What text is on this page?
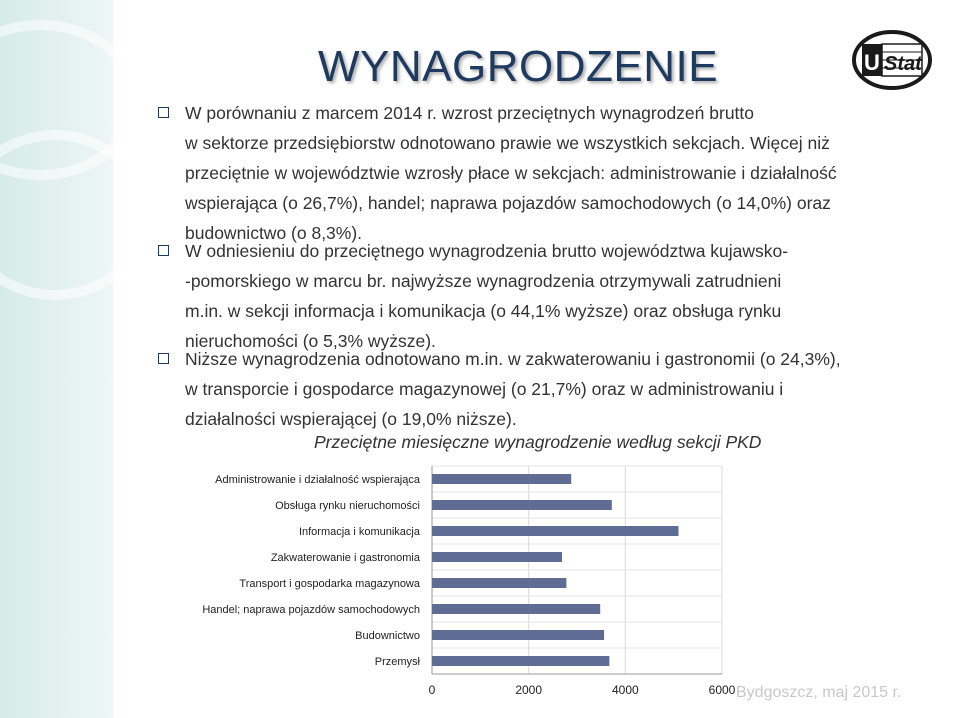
WYNAGRODZENIE	U Stat
W porównaniu z marcem 2014 r. wzrost przeciętnych wynagrodzeń brutto
w sektorze przedsiębiorstw odnotowano prawie we wszystkich sekcjach. Więcej niż
przeciętnie w województwie wzrosły płace w sekcjach: administrowanie i działalność
wspierająca (o 26,7%), handel; naprawa pojazdów samochodowych (o 14,0%) oraz
budownictwo (o 8,3%).
W odniesieniu do przeciętnego wynagrodzenia brutto województwa kujawsko-
-pomorskiego w marcu br. najwyższe wynagrodzenia otrzymywali zatrudnieni
m.in. w sekcji informacja i komunikacja (o 44,1% wyższe) oraz obsługa rynku
nieruchomości (o 5,3% wyższe).
Niższe wynagrodzenia odnotowano m.in. w zakwaterowaniu i gastronomii (o 24,3%),
w transporcie i gospodarce magazynowej (o 21,7%) oraz w administrowaniu i
działalności wspierającej (o 19,0% niższe).
Przeciętne miesięczne wynagrodzenie według sekcji PKD
0	2000	4000	6000
Administrowanie i działalność wspierająca
Obsługa rynku nieruchomości
Informacja i komunikacja
Zakwaterowanie i gastronomia
Transport i gospodarka magazynowa
Handel; naprawa pojazdów samochodowych
Budownictwo
Przemysł
Bydgoszcz, maj 2015 r.
